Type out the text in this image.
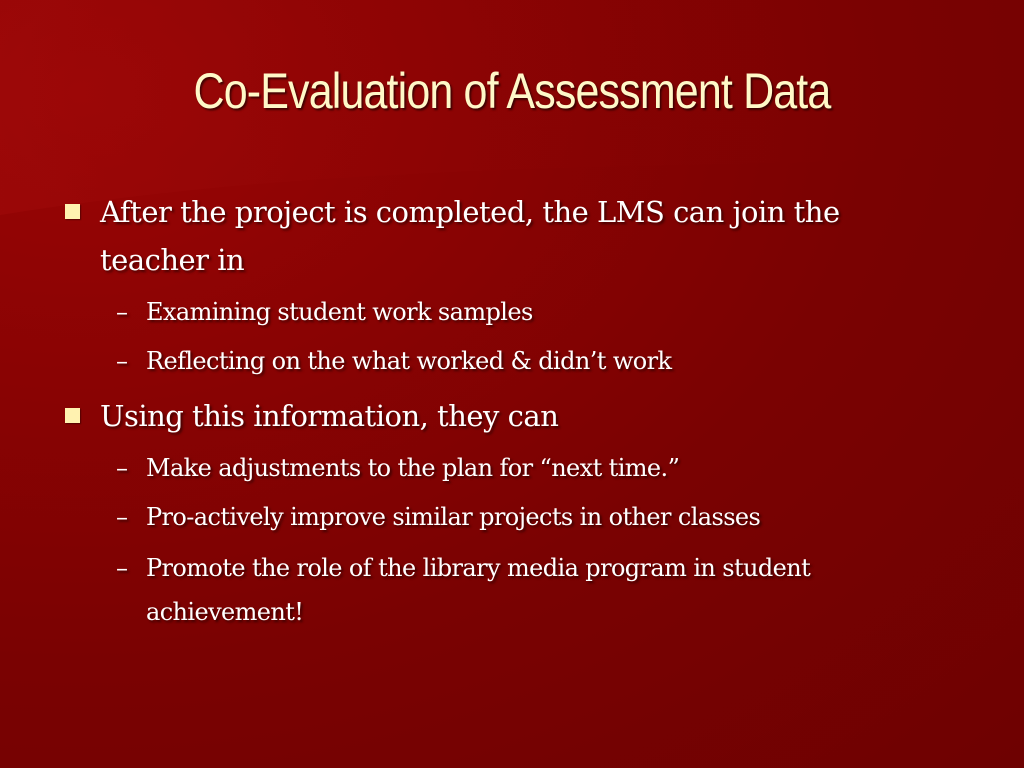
Co-Evaluation of Assessment Data
After the project is completed, the LMS can join the teacher in
– Examining student work samples
– Reflecting on the what worked & didn’t work
Using this information, they can
– Make adjustments to the plan for “next time.”
– Pro-actively improve similar projects in other classes
– Promote the role of the library media program in student achievement!
